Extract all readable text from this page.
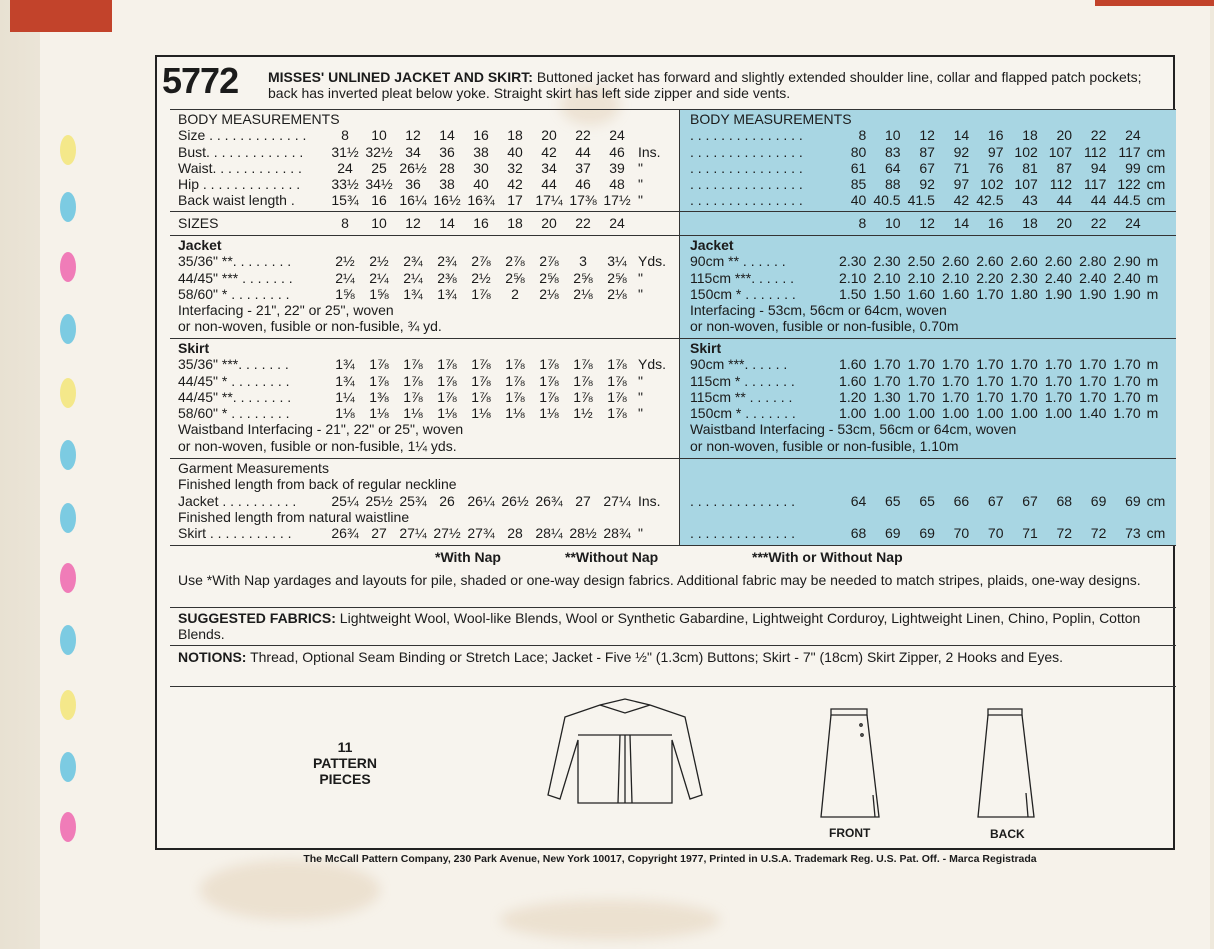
5772 MISSES' UNLINED JACKET AND SKIRT: Buttoned jacket has forward and slightly extended shoulder line, collar and flapped patch pockets; back has inverted pleat below yoke. Straight skirt has left side zipper and side vents.
BODY MEASUREMENTS
Size . . . . . . . . . . . . .	8	10	12	14	16	18	20	22	24
Bust. . . . . . . . . . . . .	31½ 32½ 34	36	38	40	42	44	46 Ins.
Waist. . . . . . . . . . . .	24	25 26½ 28	30	32	34	37	39 "
Hip . . . . . . . . . . . . .	33½ 34½ 36	38	40	42	44	46	48 "
Back waist length .	15¾ 16 16¼ 16½ 16¾ 17 17¼ 17⅜ 17½ "
SIZES	8	10	12	14	16	18	20	22	24
Jacket
35/36" **. . . . . . . .	2½	2½	2¾	2¾	2⅞	2⅞	2⅞	3	3¼ Yds.
44/45" *** . . . . . . .	2¼	2¼	2¼	2⅜	2½	2⅝	2⅝	2⅝	2⅝ "
58/60" * . . . . . . . .	1⅝	1⅝	1¾	1¾	1⅞	2	2⅛	2⅛	2⅛ "
Interfacing - 21", 22" or 25", woven
or non-woven, fusible or non-fusible, ¾ yd.
Skirt
35/36" ***. . . . . . .	1¾	1⅞	1⅞	1⅞	1⅞	1⅞	1⅞	1⅞	1⅞ Yds.
44/45" * . . . . . . . .	1¾	1⅞	1⅞	1⅞	1⅞	1⅞	1⅞	1⅞	1⅞ "
44/45" **. . . . . . . .	1¼	1⅜	1⅞	1⅞	1⅞	1⅞	1⅞	1⅞	1⅞ "
58/60" * . . . . . . . .	1⅛	1⅛	1⅛	1⅛	1⅛	1⅛	1⅛	1½	1⅞ "
Waistband Interfacing - 21", 22" or 25", woven
or non-woven, fusible or non-fusible, 1¼ yds.
Garment Measurements
Finished length from back of regular neckline
Jacket . . . . . . . . . .	25¼ 25½ 25¾ 26 26¼ 26½ 26¾ 27 27¼ Ins.
Finished length from natural waistline
Skirt . . . . . . . . . . .	26¾ 27 27¼ 27½ 27¾ 28 28¼ 28½ 28¾ "
BODY MEASUREMENTS
. . . . . . . . . . . . . . .	8	10	12	14	16	18	20	22	24
. . . . . . . . . . . . . . .	80	83	87	92	97 102 107 112 117 cm
. . . . . . . . . . . . . . .	61	64	67	71	76	81	87	94	99 cm
. . . . . . . . . . . . . . .	85	88	92	97 102 107 112 117 122 cm
. . . . . . . . . . . . . . .	40 40.5 41.5	42 42.5	43	44	44 44.5 cm
8	10	12	14	16	18	20	22	24
Jacket
90cm ** . . . . . .	2.30 2.30 2.50 2.60 2.60 2.60 2.60 2.80 2.90 m
115cm ***. . . . . .	2.10 2.10 2.10 2.10 2.20 2.30 2.40 2.40 2.40 m
150cm * . . . . . . .	1.50 1.50 1.60 1.60 1.70 1.80 1.90 1.90 1.90 m
Interfacing - 53cm, 56cm or 64cm, woven
or non-woven, fusible or non-fusible, 0.70m
Skirt
90cm ***. . . . . .	1.60 1.70 1.70 1.70 1.70 1.70 1.70 1.70 1.70 m
115cm * . . . . . . .	1.60 1.70 1.70 1.70 1.70 1.70 1.70 1.70 1.70 m
115cm ** . . . . . .	1.20 1.30 1.70 1.70 1.70 1.70 1.70 1.70 1.70 m
150cm * . . . . . . .	1.00 1.00 1.00 1.00 1.00 1.00 1.00 1.40 1.70 m
Waistband Interfacing - 53cm, 56cm or 64cm, woven
or non-woven, fusible or non-fusible, 1.10m
. . . . . . . . . . . . . .	64	65	65	66	67	67	68	69	69 cm
. . . . . . . . . . . . . .	68	69	69	70	70	71	72	72	73 cm
*With Nap	**Without Nap	***With or Without Nap
Use *With Nap yardages and layouts for pile, shaded or one-way design fabrics. Additional fabric may be needed to match stripes, plaids, one-way designs.
SUGGESTED FABRICS: Lightweight Wool, Wool-like Blends, Wool or Synthetic Gabardine, Lightweight Corduroy, Lightweight Linen, Chino, Poplin, Cotton Blends.
NOTIONS: Thread, Optional Seam Binding or Stretch Lace; Jacket - Five ½" (1.3cm) Buttons; Skirt - 7" (18cm) Skirt Zipper, 2 Hooks and Eyes.
11
PATTERN
PIECES
FRONT	BACK
The McCall Pattern Company, 230 Park Avenue, New York 10017, Copyright 1977, Printed in U.S.A. Trademark Reg. U.S. Pat. Off. - Marca Registrada
